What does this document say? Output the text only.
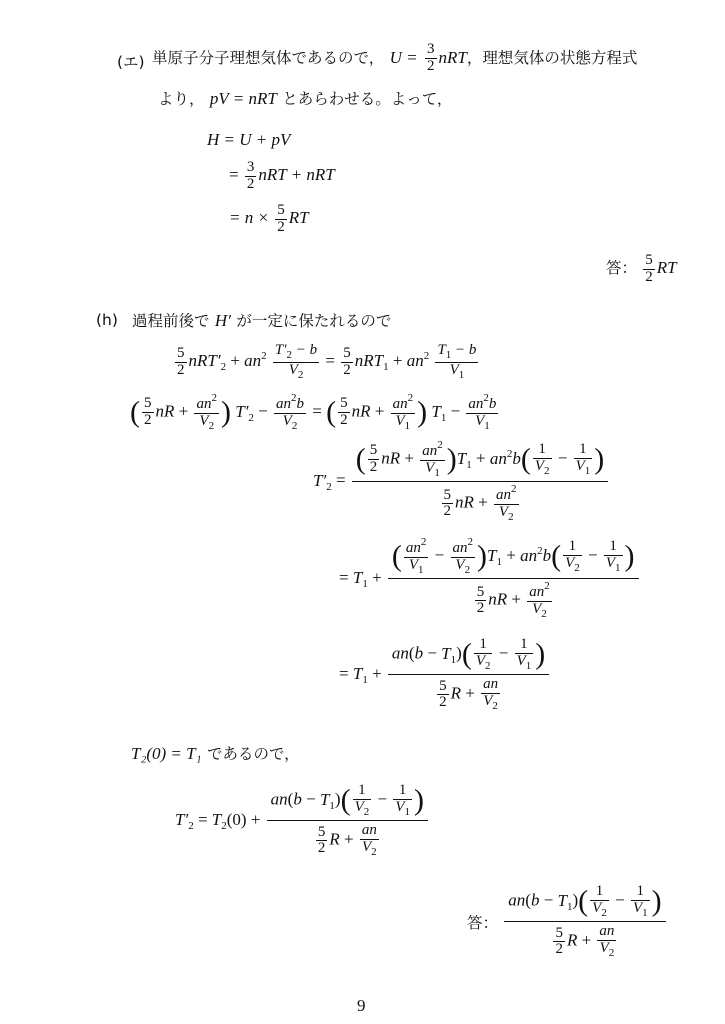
(エ) 単原子分子理想気体であるので， $U = \frac{3}{2}$ nRT，理想気体の状態方程式
より， pV = nRT とあらわせる。よって，
H = U + pV
= $\frac{3}{2}$ nRT + nRT
= $n \times \frac{5}{2}$ RT
答： $\frac{5}{2}$ RT
(h) 過程前後で H′ が一定に保たれるので
$\frac{5}{2} nRT'_2 + an^2 \frac{T'_2 - b}{V_2} = \frac{5}{2} nRT_1 + an^2 \frac{T_1 - b}{V_1}$
( $\frac{5}{2}$ nR + $\frac{an^2}{V_2}$ ) $T'_2 - \frac{an^2b}{V_2}$ = ( $\frac{5}{2}$ nR + $\frac{an^2}{V_1}$ ) $T_1 - \frac{an^2b}{V_1}$
$T'_2 = \frac{( \frac{5}{2} nR + \frac{an^2}{V_1} )T_1 + an^2b( \frac{1}{V_2} - \frac{1}{V_1} )}{\frac{5}{2} nR + \frac{an^2}{V_2}}$
= $T_1 + \frac{( \frac{an^2}{V_1} - \frac{an^2}{V_2} )T_1 + an^2b( \frac{1}{V_2} - \frac{1}{V_1} )}{\frac{5}{2} nR + \frac{an^2}{V_2}}$
= $T_1 + \frac{an(b - T_1)( \frac{1}{V_2} - \frac{1}{V_1} )}{\frac{5}{2} R + \frac{an}{V_2}}$
T₂(0) = T₁ であるので，
$T'_2 = T_2(0) + \frac{an(b - T_1)( \frac{1}{V_2} - \frac{1}{V_1} )}{\frac{5}{2} R + \frac{an}{V_2}}$
答： $\frac{an(b - T_1)( \frac{1}{V_2} - \frac{1}{V_1} )}{\frac{5}{2} R + \frac{an}{V_2}}$
9
